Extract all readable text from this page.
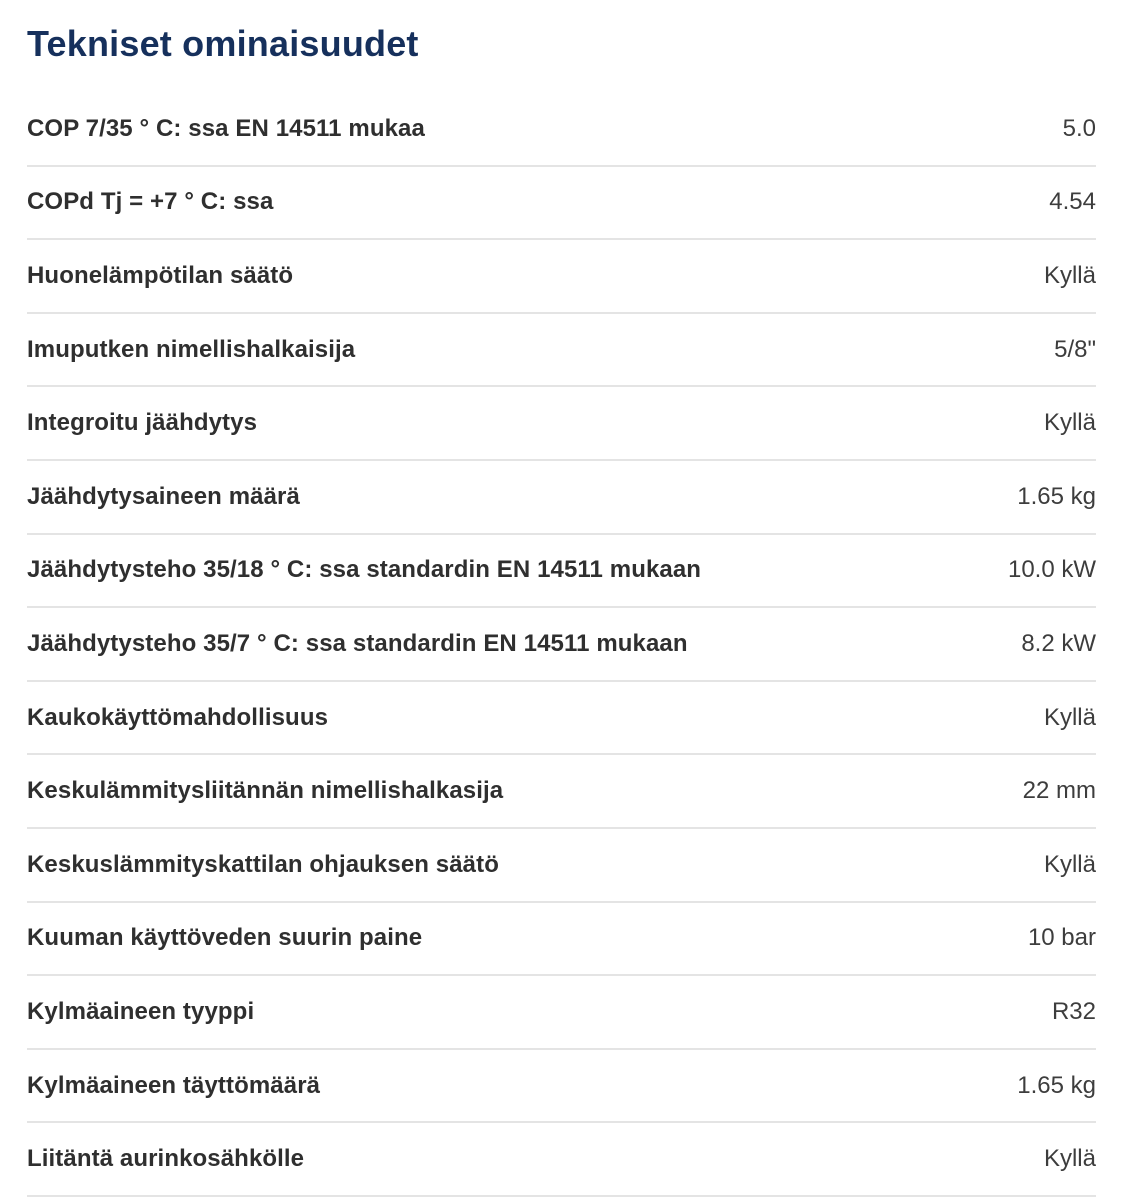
Tekniset ominaisuudet
COP 7/35 ° C: ssa EN 14511 mukaa	5.0
COPd Tj = +7 ° C: ssa	4.54
Huonelämpötilan säätö	Kyllä
Imuputken nimellishalkaisija	5/8"
Integroitu jäähdytys	Kyllä
Jäähdytysaineen määrä	1.65 kg
Jäähdytysteho 35/18 ° C: ssa standardin EN 14511 mukaan	10.0 kW
Jäähdytysteho 35/7 ° C: ssa standardin EN 14511 mukaan	8.2 kW
Kaukokäyttömahdollisuus	Kyllä
Keskulämmitysliitännän nimellishalkasija	22 mm
Keskuslämmityskattilan ohjauksen säätö	Kyllä
Kuuman käyttöveden suurin paine	10 bar
Kylmäaineen tyyppi	R32
Kylmäaineen täyttömäärä	1.65 kg
Liitäntä aurinkosähkölle	Kyllä
